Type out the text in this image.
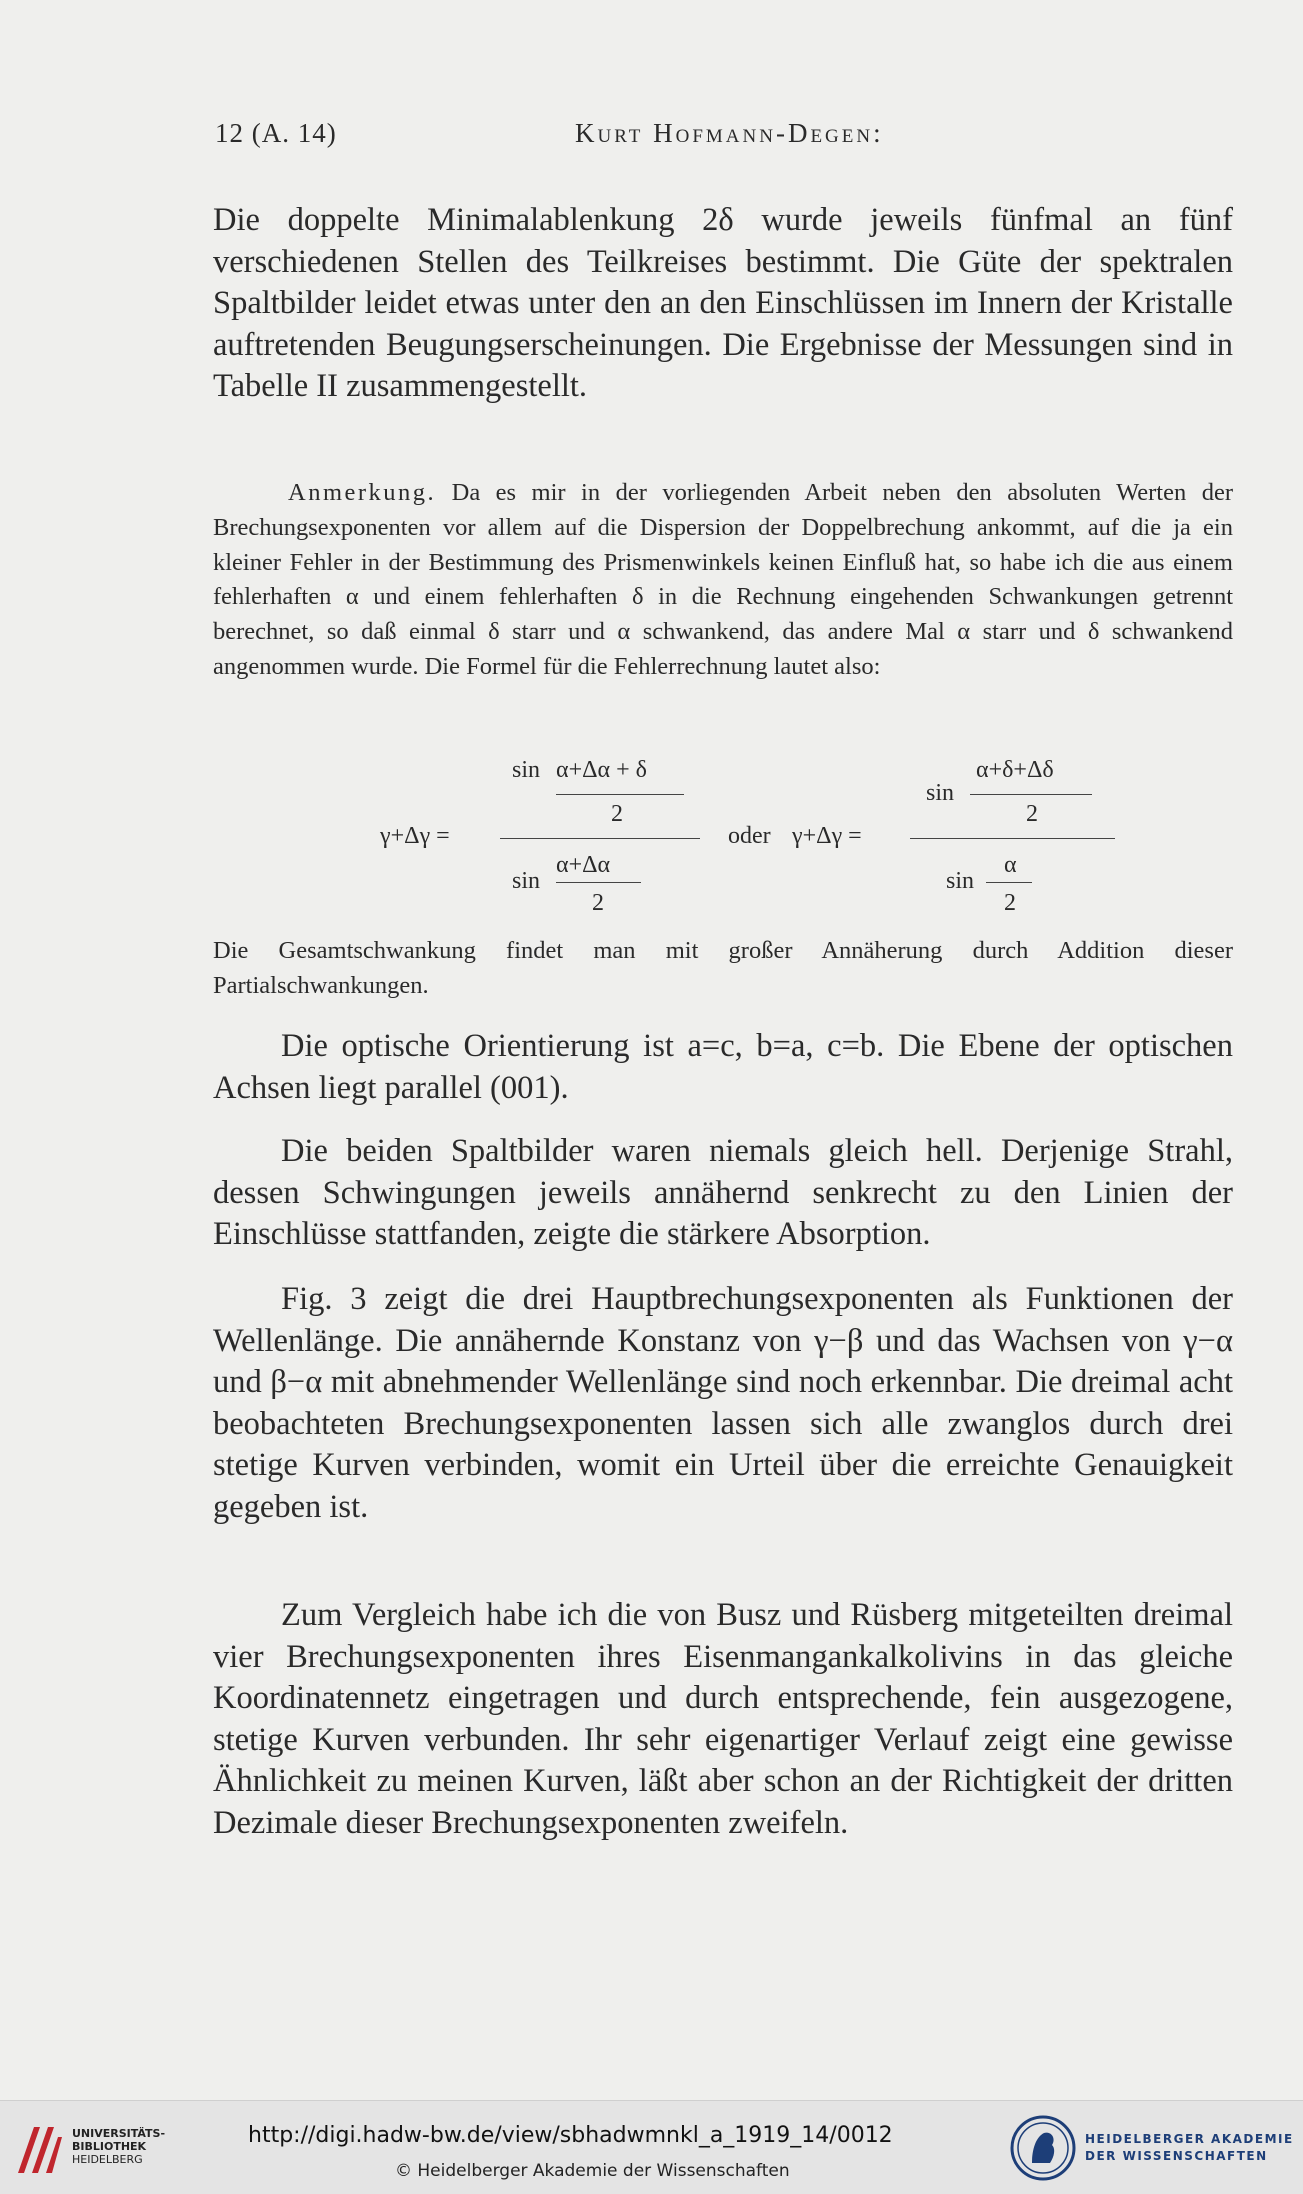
12 (A. 14)	Kurt Hofmann-Degen:
Die doppelte Minimalablenkung 2δ wurde jeweils fünfmal an fünf verschiedenen Stellen des Teilkreises bestimmt. Die Güte der spektralen Spaltbilder leidet etwas unter den an den Einschlüssen im Innern der Kristalle auftretenden Beugungserscheinungen. Die Ergebnisse der Messungen sind in Tabelle II zusammengestellt.
Anmerkung. Da es mir in der vorliegenden Arbeit neben den absoluten Werten der Brechungsexponenten vor allem auf die Dispersion der Doppelbrechung ankommt, auf die ja ein kleiner Fehler in der Bestimmung des Prismenwinkels keinen Einfluß hat, so habe ich die aus einem fehlerhaften α und einem fehlerhaften δ in die Rechnung eingehenden Schwankungen getrennt berechnet, so daß einmal δ starr und α schwankend, das andere Mal α starr und δ schwankend angenommen wurde. Die Formel für die Fehlerrechnung lautet also:
sin α+Δα + δ
2
γ+Δγ =
sin
α+Δα
2
oder γ+Δγ =
sin
α+δ+Δδ
2
sin
α
2
Die Gesamtschwankung findet man mit großer Annäherung durch Addition dieser Partialschwankungen.
Die optische Orientierung ist a=c, b=a, c=b. Die Ebene der optischen Achsen liegt parallel (001).
Die beiden Spaltbilder waren niemals gleich hell. Derjenige Strahl, dessen Schwingungen jeweils annähernd senkrecht zu den Linien der Einschlüsse stattfanden, zeigte die stärkere Absorption.
Fig. 3 zeigt die drei Hauptbrechungsexponenten als Funktionen der Wellenlänge. Die annähernde Konstanz von γ−β und das Wachsen von γ−α und β−α mit abnehmender Wellenlänge sind noch erkennbar. Die dreimal acht beobachteten Brechungsexponenten lassen sich alle zwanglos durch drei stetige Kurven verbinden, womit ein Urteil über die erreichte Genauigkeit gegeben ist.
Zum Vergleich habe ich die von Busz und Rüsberg mitgeteilten dreimal vier Brechungsexponenten ihres Eisenmangankalkolivins in das gleiche Koordinatennetz eingetragen und durch entsprechende, fein ausgezogene, stetige Kurven verbunden. Ihr sehr eigenartiger Verlauf zeigt eine gewisse Ähnlichkeit zu meinen Kurven, läßt aber schon an der Richtigkeit der dritten Dezimale dieser Brechungsexponenten zweifeln.
UNIVERSITÄTS-
BIBLIOTHEK
HEIDELBERG
http://digi.hadw-bw.de/view/sbhadwmnkl_a_1919_14/0012
© Heidelberger Akademie der Wissenschaften
HEIDELBERGER AKADEMIE
DER WISSENSCHAFTEN
